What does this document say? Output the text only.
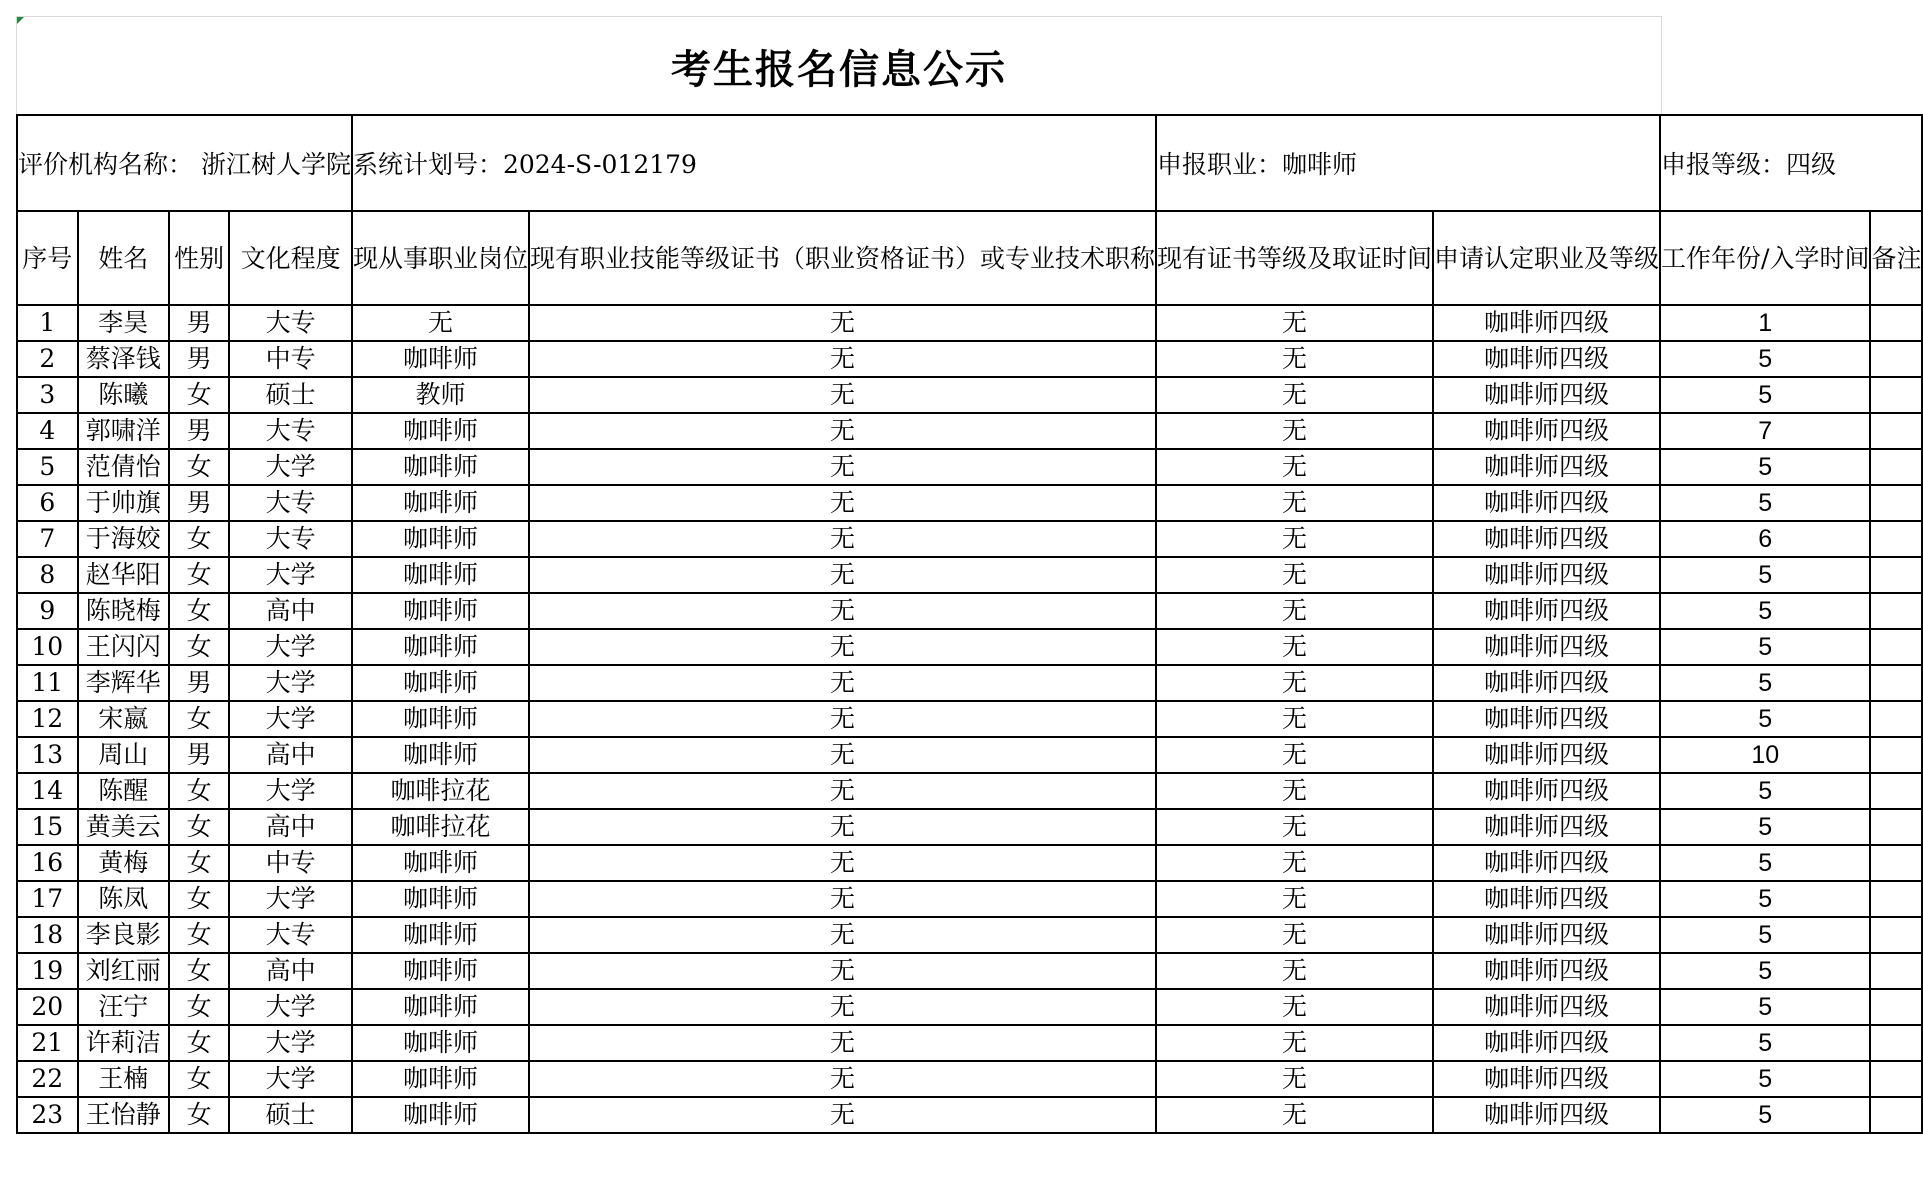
考生报名信息公示
评价机构名称： 浙江树人学院				系统计划号：2024-S-012179		申报职业：咖啡师		申报等级：四级	
序号	姓名	性别	文化程度	现从事职业岗位	现有职业技能等级证书（职业资格证书）或专业技术职称	现有证书等级及取证时间	申请认定职业及等级	工作年份/入学时间	备注
1	李昊	男	大专	无	无	无	咖啡师四级	1	
2	蔡泽钱	男	中专	咖啡师	无	无	咖啡师四级	5	
3	陈曦	女	硕士	教师	无	无	咖啡师四级	5	
4	郭啸洋	男	大专	咖啡师	无	无	咖啡师四级	7	
5	范倩怡	女	大学	咖啡师	无	无	咖啡师四级	5	
6	于帅旗	男	大专	咖啡师	无	无	咖啡师四级	5	
7	于海姣	女	大专	咖啡师	无	无	咖啡师四级	6	
8	赵华阳	女	大学	咖啡师	无	无	咖啡师四级	5	
9	陈晓梅	女	高中	咖啡师	无	无	咖啡师四级	5	
10	王闪闪	女	大学	咖啡师	无	无	咖啡师四级	5	
11	李辉华	男	大学	咖啡师	无	无	咖啡师四级	5	
12	宋嬴	女	大学	咖啡师	无	无	咖啡师四级	5	
13	周山	男	高中	咖啡师	无	无	咖啡师四级	10	
14	陈醒	女	大学	咖啡拉花	无	无	咖啡师四级	5	
15	黄美云	女	高中	咖啡拉花	无	无	咖啡师四级	5	
16	黄梅	女	中专	咖啡师	无	无	咖啡师四级	5	
17	陈凤	女	大学	咖啡师	无	无	咖啡师四级	5	
18	李良影	女	大专	咖啡师	无	无	咖啡师四级	5	
19	刘红丽	女	高中	咖啡师	无	无	咖啡师四级	5	
20	汪宁	女	大学	咖啡师	无	无	咖啡师四级	5	
21	许莉洁	女	大学	咖啡师	无	无	咖啡师四级	5	
22	王楠	女	大学	咖啡师	无	无	咖啡师四级	5	
23	王怡静	女	硕士	咖啡师	无	无	咖啡师四级	5	
